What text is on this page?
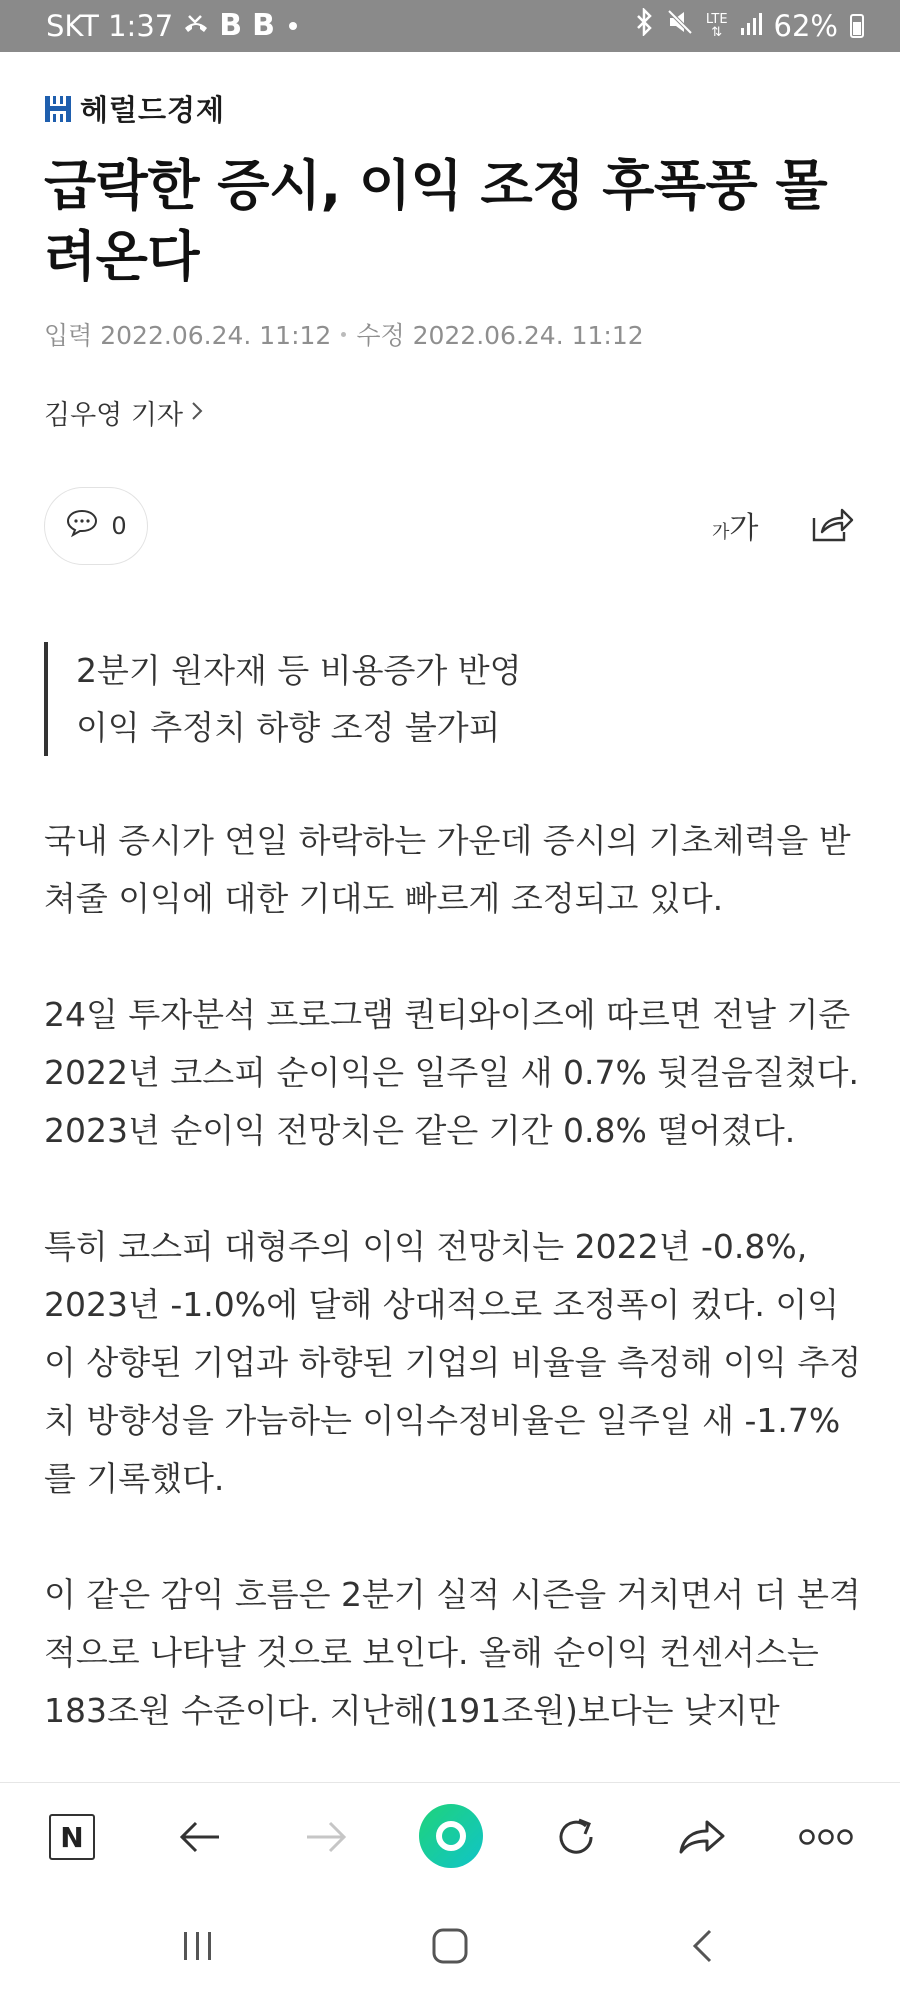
SKT 1:37 B B	LTE
⇅ 62%
헤럴드경제
급락한 증시, 이익 조정 후폭풍 몰려온다
입력 2022.06.24. 11:12 수정 2022.06.24. 11:12
김우영 기자
0	가가
2분기 원자재 등 비용증가 반영
이익 추정치 하향 조정 불가피

국내 증시가 연일 하락하는 가운데 증시의 기초체력을 받쳐줄 이익에 대한 기대도 빠르게 조정되고 있다.

24일 투자분석 프로그램 퀀티와이즈에 따르면 전날 기준 2022년 코스피 순이익은 일주일 새 0.7% 뒷걸음질쳤다. 2023년 순이익 전망치은 같은 기간 0.8% 떨어졌다.

특히 코스피 대형주의 이익 전망치는 2022년 -0.8%, 2023년 -1.0%에 달해 상대적으로 조정폭이 컸다. 이익이 상향된 기업과 하향된 기업의 비율을 측정해 이익 추정치 방향성을 가늠하는 이익수정비율은 일주일 새 -1.7%를 기록했다.

이 같은 감익 흐름은 2분기 실적 시즌을 거치면서 더 본격적으로 나타날 것으로 보인다. 올해 순이익 컨센서스는 183조원 수준이다. 지난해(191조원)보다는 낮지만

N
